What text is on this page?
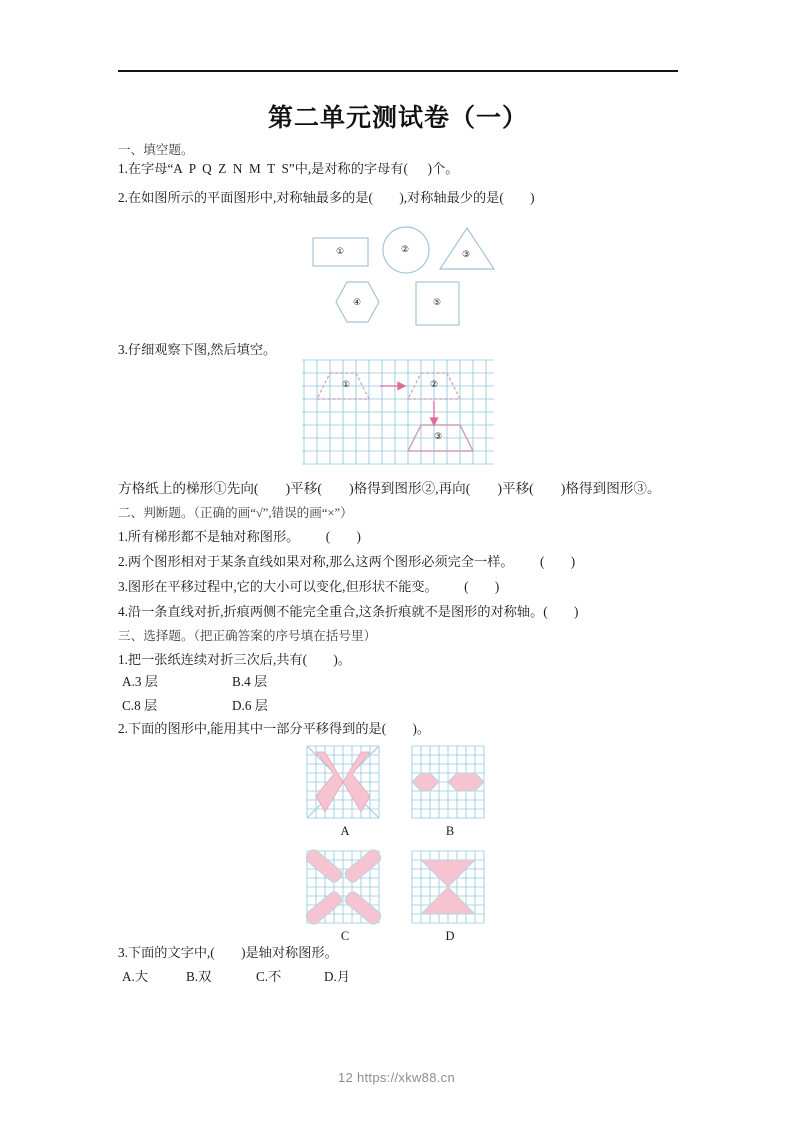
第二单元测试卷（一）
一、填空题。
1.在字母“A  P  Q  Z  N  M  T  S”中,是对称的字母有(      )个。
2.在如图所示的平面图形中,对称轴最多的是(        ),对称轴最少的是(        )
①	②	③
④	⑤
3.仔细观察下图,然后填空。
①	②
③
方格纸上的梯形①先向(        )平移(        )格得到图形②,再向(        )平移(        )格得到图形③。
二、判断题。（正确的画“√”,错误的画“×”）
1.所有梯形都不是轴对称图形。        (        )
2.两个图形相对于某条直线如果对称,那么这两个图形必须完全一样。        (        )
3.图形在平移过程中,它的大小可以变化,但形状不能变。        (        )
4.沿一条直线对折,折痕两侧不能完全重合,这条折痕就不是图形的对称轴。(        )
三、选择题。（把正确答案的序号填在括号里）
1.把一张纸连续对折三次后,共有(        )。
A.3 层	B.4 层
C.8 层	D.6 层
2.下面的图形中,能用其中一部分平移得到的是(        )。
A	B
C	D
3.下面的文字中,(        )是轴对称图形。
A.大	B.双	C.不	D.月
12 https://xkw88.cn
